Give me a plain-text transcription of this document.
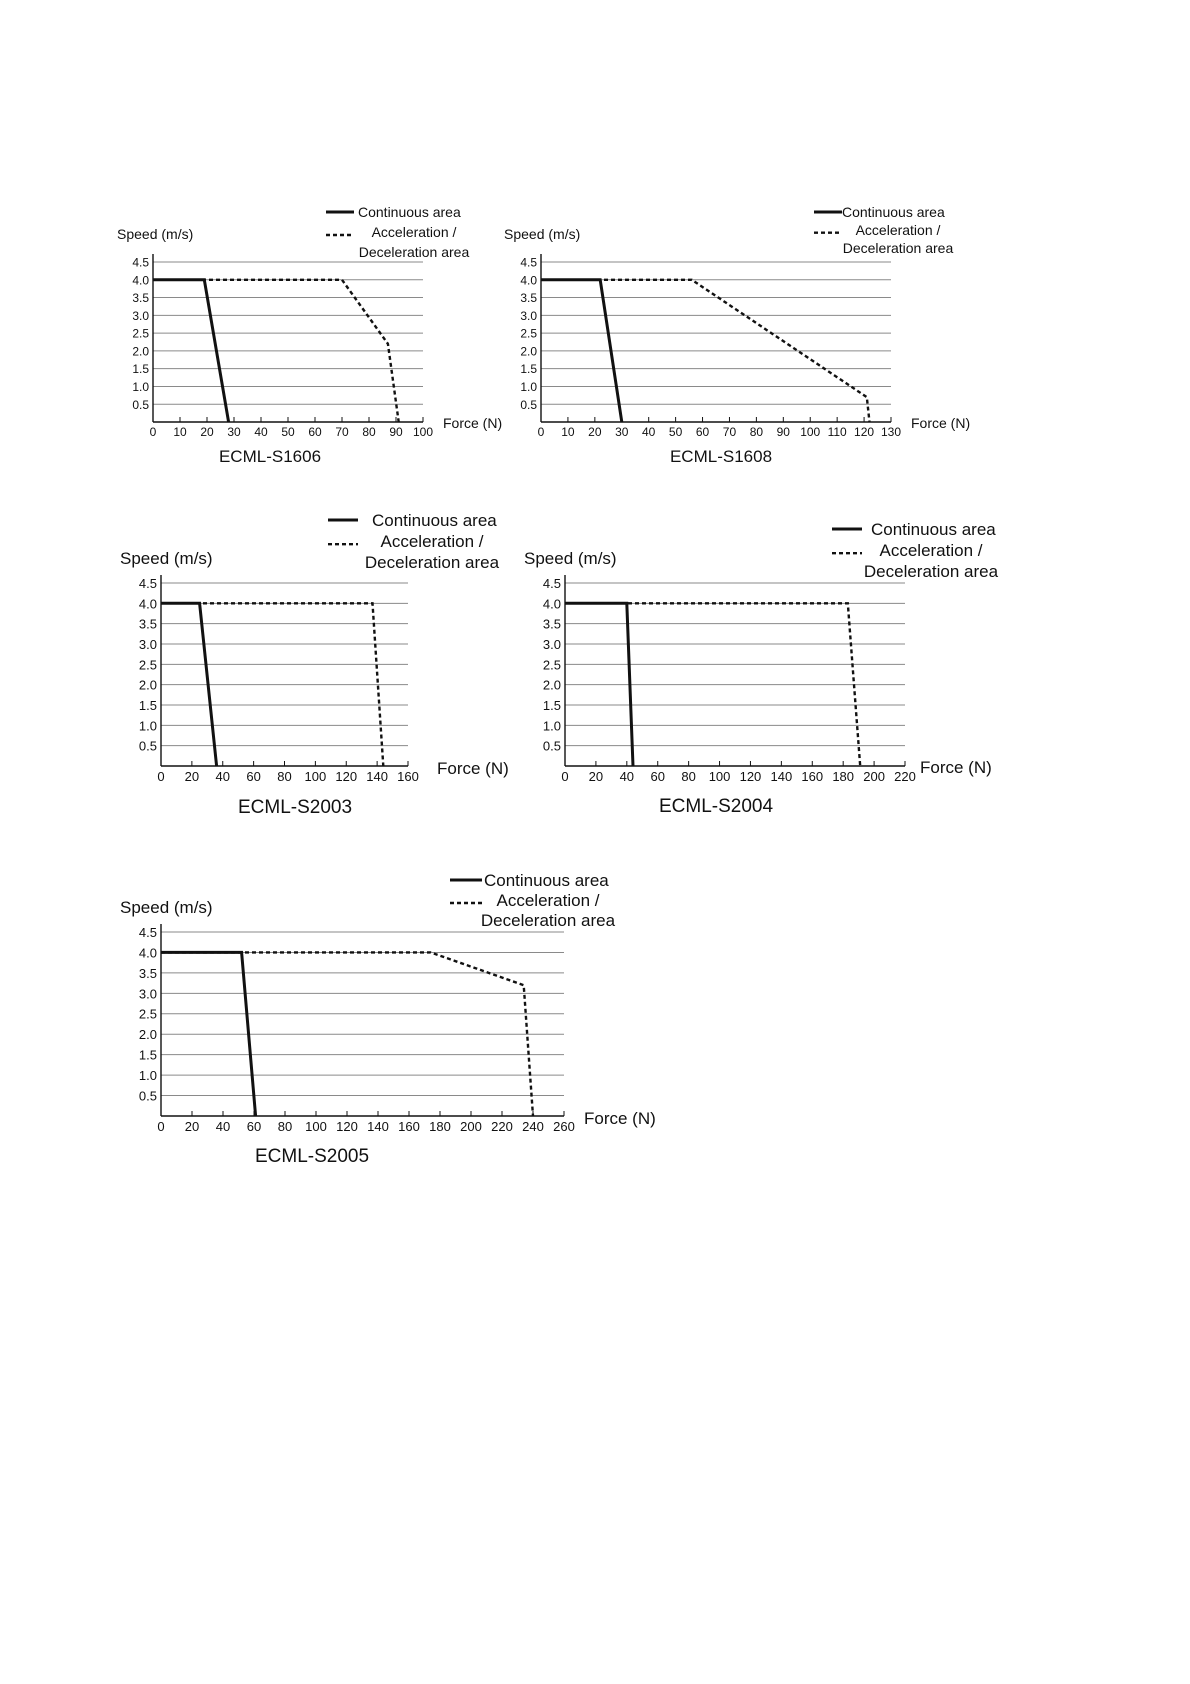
4.5
4.0
3.5
3.0
2.5
2.0
1.5
1.0
0.5
0 10 20 30 40 50 60 70 80 90 100
Speed (m/s)
Force (N)
ECML-S1606
Continuous area
Acceleration /
Deceleration area
4.5
4.0
3.5
3.0
2.5
2.0
1.5
1.0
0.5
0 10 20 30 40 50 60 70 80 90 100 110 120 130
Speed (m/s)
Force (N)
ECML-S1608
Continuous area
Acceleration /
Deceleration area
4.5
4.0
3.5
3.0
2.5
2.0
1.5
1.0
0.5
0 20 40 60 80 100 120 140 160
Speed (m/s)
Force (N)
ECML-S2003
Continuous area
Acceleration /
Deceleration area
4.5
4.0
3.5
3.0
2.5
2.0
1.5
1.0
0.5
0 20 40 60 80 100 120 140 160 180 200 220
Speed (m/s)
Force (N)
ECML-S2004
Continuous area
Acceleration /
Deceleration area
4.5
4.0
3.5
3.0
2.5
2.0
1.5
1.0
0.5
0 20 40 60 80 100 120 140 160 180 200 220 240 260
Speed (m/s)
Force (N)
ECML-S2005
Continuous area
Acceleration /
Deceleration area
